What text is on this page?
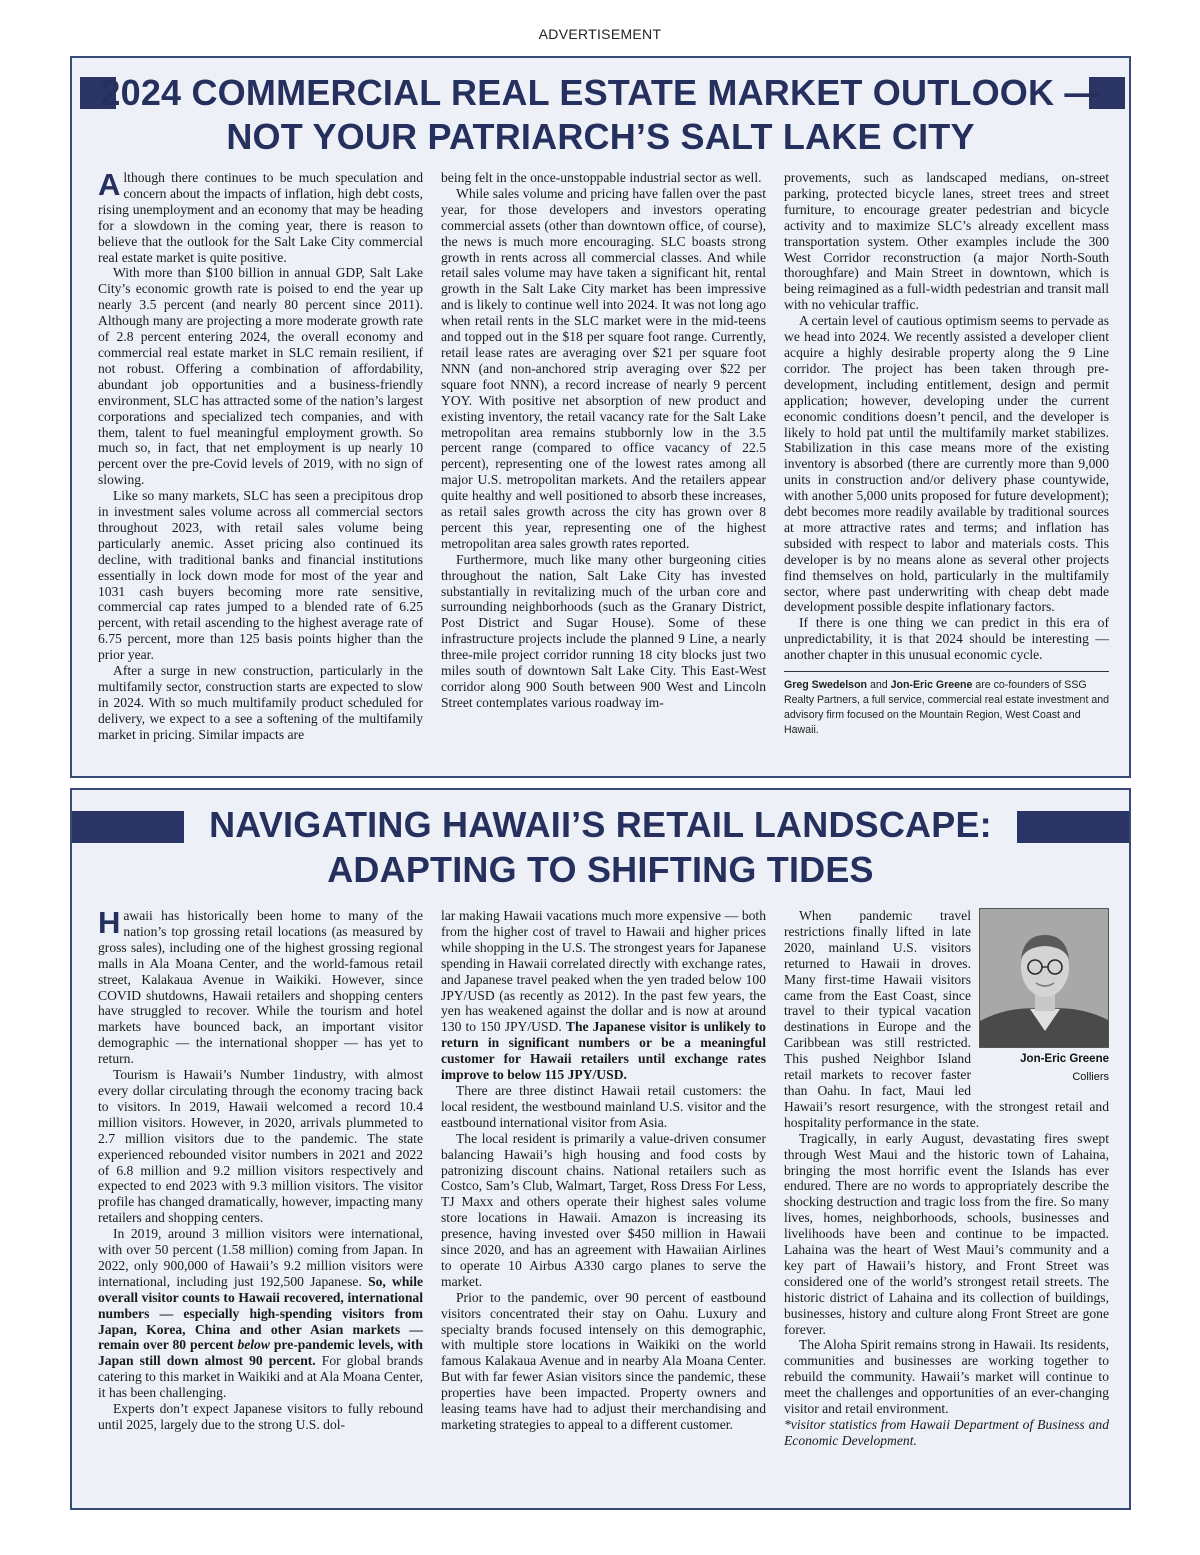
ADVERTISEMENT
2024 COMMERCIAL REAL ESTATE MARKET OUTLOOK —
NOT YOUR PATRIARCH’S SALT LAKE CITY

Although there continues to be much speculation and concern about the impacts of inflation, high debt costs, rising unemployment and an economy that may be heading for a slowdown in the coming year, there is reason to believe that the outlook for the Salt Lake City commercial real estate market is quite positive.

With more than $100 billion in annual GDP, Salt Lake City’s economic growth rate is poised to end the year up nearly 3.5 percent (and nearly 80 percent since 2011). Although many are projecting a more moderate growth rate of 2.8 percent entering 2024, the overall economy and commercial real estate market in SLC remain resilient, if not robust. Offering a combination of affordability, abundant job opportunities and a business-friendly environment, SLC has attracted some of the nation’s largest corporations and specialized tech companies, and with them, talent to fuel meaningful employment growth. So much so, in fact, that net employment is up nearly 10 percent over the pre-Covid levels of 2019, with no sign of slowing.

Like so many markets, SLC has seen a precipitous drop in investment sales volume across all commercial sectors throughout 2023, with retail sales volume being particularly anemic. Asset pricing also continued its decline, with traditional banks and financial institutions essentially in lock down mode for most of the year and 1031 cash buyers becoming more rate sensitive, commercial cap rates jumped to a blended rate of 6.25 percent, with retail ascending to the highest average rate of 6.75 percent, more than 125 basis points higher than the prior year.

After a surge in new construction, particularly in the multifamily sector, construction starts are expected to slow in 2024. With so much multifamily product scheduled for delivery, we expect to a see a softening of the multifamily market in pricing. Similar impacts are

being felt in the once-unstoppable industrial sector as well.

While sales volume and pricing have fallen over the past year, for those developers and investors operating commercial assets (other than downtown office, of course), the news is much more encouraging. SLC boasts strong growth in rents across all commercial classes. And while retail sales volume may have taken a significant hit, rental growth in the Salt Lake City market has been impressive and is likely to continue well into 2024. It was not long ago when retail rents in the SLC market were in the mid-teens and topped out in the $18 per square foot range. Currently, retail lease rates are averaging over $21 per square foot NNN (and non-anchored strip averaging over $22 per square foot NNN), a record increase of nearly 9 percent YOY. With positive net absorption of new product and existing inventory, the retail vacancy rate for the Salt Lake metropolitan area remains stubbornly low in the 3.5 percent range (compared to office vacancy of 22.5 percent), representing one of the lowest rates among all major U.S. metropolitan markets. And the retailers appear quite healthy and well positioned to absorb these increases, as retail sales growth across the city has grown over 8 percent this year, representing one of the highest metropolitan area sales growth rates reported.

Furthermore, much like many other burgeoning cities throughout the nation, Salt Lake City has invested substantially in revitalizing much of the urban core and surrounding neighborhoods (such as the Granary District, Post District and Sugar House). Some of these infrastructure projects include the planned 9 Line, a nearly three-mile project corridor running 18 city blocks just two miles south of downtown Salt Lake City. This East-West corridor along 900 South between 900 West and Lincoln Street contemplates various roadway im-

provements, such as landscaped medians, on-street parking, protected bicycle lanes, street trees and street furniture, to encourage greater pedestrian and bicycle activity and to maximize SLC’s already excellent mass transportation system. Other examples include the 300 West Corridor reconstruction (a major North-South thoroughfare) and Main Street in downtown, which is being reimagined as a full-width pedestrian and transit mall with no vehicular traffic.

A certain level of cautious optimism seems to pervade as we head into 2024. We recently assisted a developer client acquire a highly desirable property along the 9 Line corridor. The project has been taken through pre-development, including entitlement, design and permit application; however, developing under the current economic conditions doesn’t pencil, and the developer is likely to hold pat until the multifamily market stabilizes. Stabilization in this case means more of the existing inventory is absorbed (there are currently more than 9,000 units in construction and/or delivery phase countywide, with another 5,000 units proposed for future development); debt becomes more readily available by traditional sources at more attractive rates and terms; and inflation has subsided with respect to labor and materials costs. This developer is by no means alone as several other projects find themselves on hold, particularly in the multifamily sector, where past underwriting with cheap debt made development possible despite inflationary factors.

If there is one thing we can predict in this era of unpredictability, it is that 2024 should be interesting — another chapter in this unusual economic cycle.

Greg Swedelson and Jon-Eric Greene are co-founders of SSG Realty Partners, a full service, commercial real estate investment and advisory firm focused on the Mountain Region, West Coast and Hawaii.
NAVIGATING HAWAII’S RETAIL LANDSCAPE:
ADAPTING TO SHIFTING TIDES

Hawaii has historically been home to many of the nation’s top grossing retail locations (as measured by gross sales), including one of the highest grossing regional malls in Ala Moana Center, and the world-famous retail street, Kalakaua Avenue in Waikiki. However, since COVID shutdowns, Hawaii retailers and shopping centers have struggled to recover. While the tourism and hotel markets have bounced back, an important visitor demographic — the international shopper — has yet to return.

Tourism is Hawaii’s Number 1industry, with almost every dollar circulating through the economy tracing back to visitors. In 2019, Hawaii welcomed a record 10.4 million visitors. However, in 2020, arrivals plummeted to 2.7 million visitors due to the pandemic. The state experienced rebounded visitor numbers in 2021 and 2022 of 6.8 million and 9.2 million visitors respectively and expected to end 2023 with 9.3 million visitors. The visitor profile has changed dramatically, however, impacting many retailers and shopping centers.

In 2019, around 3 million visitors were international, with over 50 percent (1.58 million) coming from Japan. In 2022, only 900,000 of Hawaii’s 9.2 million visitors were international, including just 192,500 Japanese. So, while overall visitor counts to Hawaii recovered, international numbers — especially high-spending visitors from Japan, Korea, China and other Asian markets — remain over 80 percent below pre-pandemic levels, with Japan still down almost 90 percent. For global brands catering to this market in Waikiki and at Ala Moana Center, it has been challenging.

Experts don’t expect Japanese visitors to fully rebound until 2025, largely due to the strong U.S. dol-

lar making Hawaii vacations much more expensive — both from the higher cost of travel to Hawaii and higher prices while shopping in the U.S. The strongest years for Japanese spending in Hawaii correlated directly with exchange rates, and Japanese travel peaked when the yen traded below 100 JPY/USD (as recently as 2012). In the past few years, the yen has weakened against the dollar and is now at around 130 to 150 JPY/USD. The Japanese visitor is unlikely to return in significant numbers or be a meaningful customer for Hawaii retailers until exchange rates improve to below 115 JPY/USD.

There are three distinct Hawaii retail customers: the local resident, the westbound mainland U.S. visitor and the eastbound international visitor from Asia.

The local resident is primarily a value-driven consumer balancing Hawaii’s high housing and food costs by patronizing discount chains. National retailers such as Costco, Sam’s Club, Walmart, Target, Ross Dress For Less, TJ Maxx and others operate their highest sales volume store locations in Hawaii. Amazon is increasing its presence, having invested over $450 million in Hawaii since 2020, and has an agreement with Hawaiian Airlines to operate 10 Airbus A330 cargo planes to serve the market.

Prior to the pandemic, over 90 percent of eastbound visitors concentrated their stay on Oahu. Luxury and specialty brands focused intensely on this demographic, with multiple store locations in Waikiki on the world famous Kalakaua Avenue and in nearby Ala Moana Center. But with far fewer Asian visitors since the pandemic, these properties have been impacted. Property owners and leasing teams have had to adjust their merchandising and marketing strategies to appeal to a different customer.

Jon-Eric Greene
Colliers

When pandemic travel restrictions finally lifted in late 2020, mainland U.S. visitors returned to Hawaii in droves. Many first-time Hawaii visitors came from the East Coast, since travel to their typical vacation destinations in Europe and the Caribbean was still restricted. This pushed Neighbor Island retail markets to recover faster than Oahu. In fact, Maui led Hawaii’s resort resurgence, with the strongest retail and hospitality performance in the state.

Tragically, in early August, devastating fires swept through West Maui and the historic town of Lahaina, bringing the most horrific event the Islands has ever endured. There are no words to appropriately describe the shocking destruction and tragic loss from the fire. So many lives, homes, neighborhoods, schools, businesses and livelihoods have been and continue to be impacted. Lahaina was the heart of West Maui’s community and a key part of Hawaii’s history, and Front Street was considered one of the world’s strongest retail streets. The historic district of Lahaina and its collection of buildings, businesses, history and culture along Front Street are gone forever.

The Aloha Spirit remains strong in Hawaii. Its residents, communities and businesses are working together to rebuild the community. Hawaii’s market will continue to meet the challenges and opportunities of an ever-changing visitor and retail environment.

*visitor statistics from Hawaii Department of Business and Economic Development.
